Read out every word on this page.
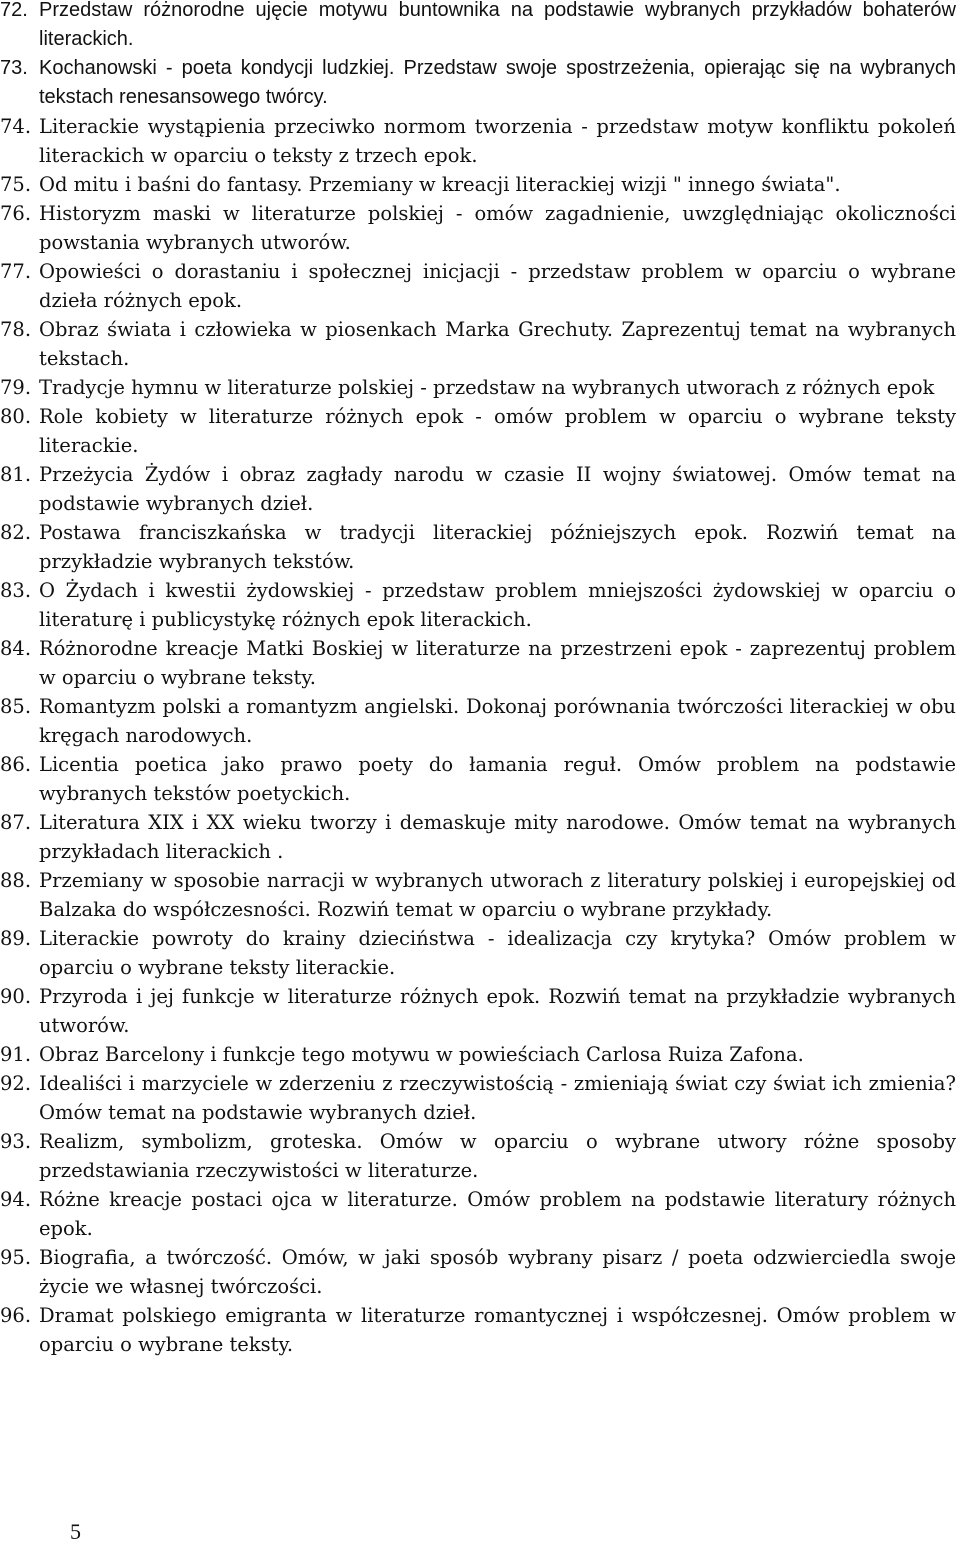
72. Przedstaw różnorodne ujęcie motywu buntownika na podstawie wybranych przykładów bohaterów literackich.
73. Kochanowski - poeta kondycji ludzkiej. Przedstaw swoje spostrzeżenia, opierając się na wybranych tekstach renesansowego twórcy.
74. Literackie wystąpienia przeciwko normom tworzenia - przedstaw motyw konfliktu pokoleń literackich w oparciu o teksty z trzech epok.
75. Od mitu i baśni do fantasy. Przemiany w kreacji literackiej wizji " innego świata".
76. Historyzm maski w literaturze polskiej - omów zagadnienie, uwzględniając okoliczności powstania wybranych utworów.
77. Opowieści o dorastaniu i społecznej inicjacji - przedstaw problem w oparciu o wybrane dzieła różnych epok.
78. Obraz świata i człowieka w piosenkach Marka Grechuty. Zaprezentuj temat na wybranych tekstach.
79. Tradycje hymnu w literaturze polskiej - przedstaw na wybranych utworach z różnych epok
80. Role kobiety w literaturze różnych epok - omów problem w oparciu o wybrane teksty literackie.
81. Przeżycia Żydów i obraz zagłady narodu w czasie II wojny światowej. Omów temat na podstawie wybranych dzieł.
82. Postawa franciszkańska w tradycji literackiej późniejszych epok. Rozwiń temat na przykładzie wybranych tekstów.
83. O Żydach i kwestii żydowskiej - przedstaw problem mniejszości żydowskiej w oparciu o literaturę i publicystykę różnych epok literackich.
84. Różnorodne kreacje Matki Boskiej w literaturze na przestrzeni epok - zaprezentuj problem w oparciu o wybrane teksty.
85. Romantyzm polski a romantyzm angielski. Dokonaj porównania twórczości literackiej w obu kręgach narodowych.
86. Licentia poetica jako prawo poety do łamania reguł. Omów problem na podstawie wybranych tekstów poetyckich.
87. Literatura XIX i XX wieku tworzy i demaskuje mity narodowe. Omów temat na wybranych przykładach literackich .
88. Przemiany w sposobie narracji w wybranych utworach z literatury polskiej i europejskiej od Balzaka do współczesności. Rozwiń temat w oparciu o wybrane przykłady.
89. Literackie powroty do krainy dzieciństwa - idealizacja czy krytyka? Omów problem w oparciu o wybrane teksty literackie.
90. Przyroda i jej funkcje w literaturze różnych epok. Rozwiń temat na przykładzie wybranych utworów.
91. Obraz Barcelony i funkcje tego motywu w powieściach Carlosa Ruiza Zafona.
92. Idealiści i marzyciele w zderzeniu z rzeczywistością - zmieniają świat czy świat ich zmienia? Omów temat na podstawie wybranych dzieł.
93. Realizm, symbolizm, groteska. Omów w oparciu o wybrane utwory różne sposoby przedstawiania rzeczywistości w literaturze.
94. Różne kreacje postaci ojca w literaturze. Omów problem na podstawie literatury różnych epok.
95. Biografia, a twórczość. Omów, w jaki sposób wybrany pisarz / poeta odzwierciedla swoje życie we własnej twórczości.
96. Dramat polskiego emigranta w literaturze romantycznej i współczesnej. Omów problem w oparciu o wybrane teksty.
5
